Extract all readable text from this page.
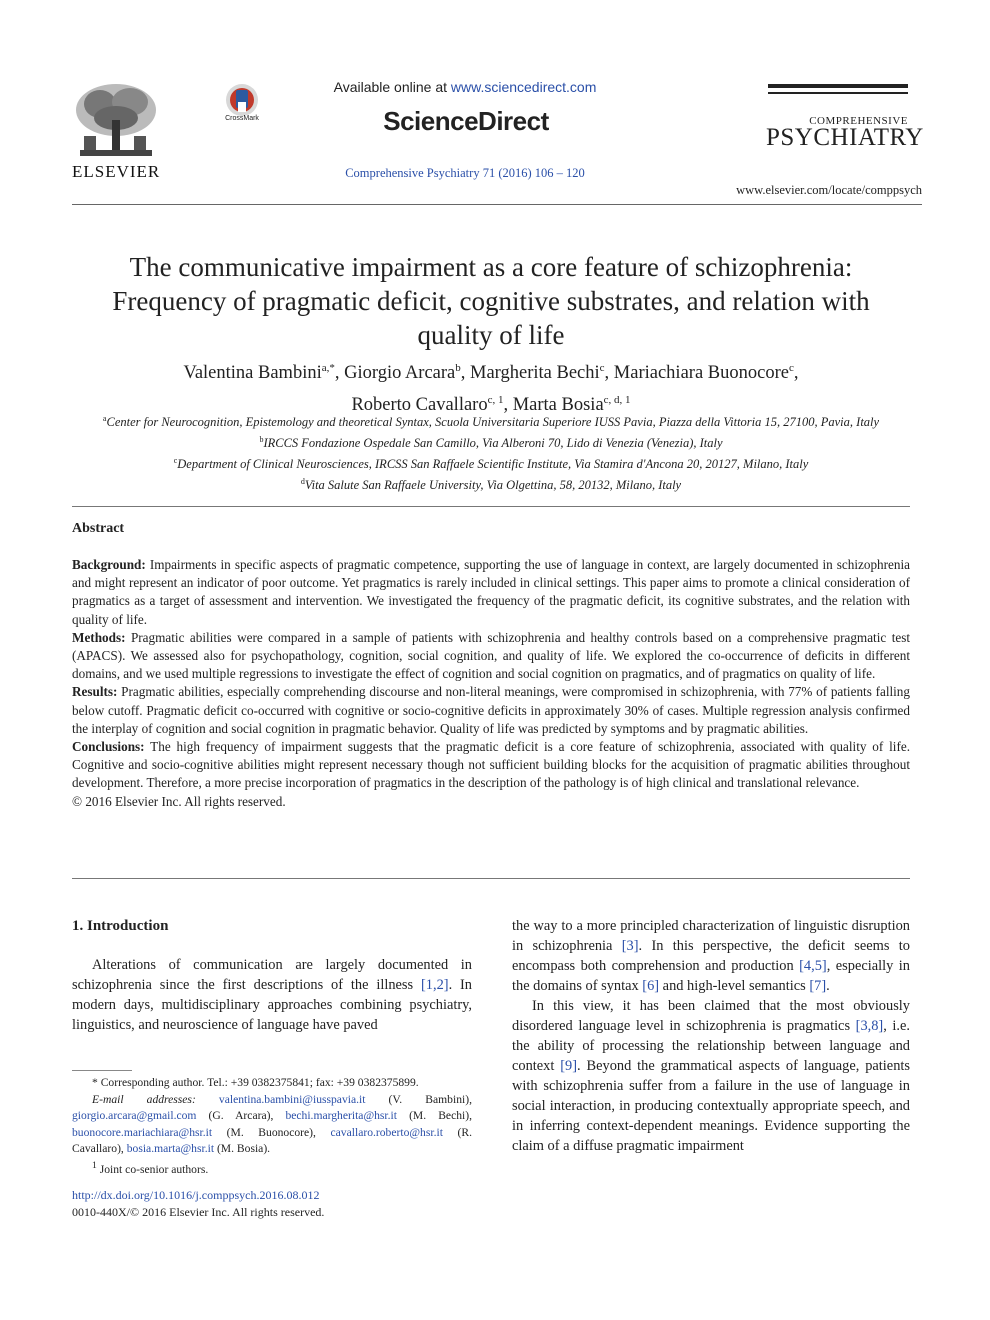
ELSEVIER
CrossMark
Available online at www.sciencedirect.com
ScienceDirect
Comprehensive Psychiatry 71 (2016) 106 – 120
COMPREHENSIVE
PSYCHIATRY
www.elsevier.com/locate/comppsych
The communicative impairment as a core feature of schizophrenia: Frequency of pragmatic deficit, cognitive substrates, and relation with quality of life
Valentina Bambini$^{a,*}$, Giorgio Arcara$^b$, Margherita Bechi$^c$, Mariachiara Buonocore$^c$,
Roberto Cavallaro$^{c, 1}$, Marta Bosia$^{c, d, 1}$
$^a$Center for Neurocognition, Epistemology and theoretical Syntax, Scuola Universitaria Superiore IUSS Pavia, Piazza della Vittoria 15, 27100, Pavia, Italy
$^b$IRCCS Fondazione Ospedale San Camillo, Via Alberoni 70, Lido di Venezia (Venezia), Italy
$^c$Department of Clinical Neurosciences, IRCSS San Raffaele Scientific Institute, Via Stamira d'Ancona 20, 20127, Milano, Italy
$^d$Vita Salute San Raffaele University, Via Olgettina, 58, 20132, Milano, Italy
Abstract

Background: Impairments in specific aspects of pragmatic competence, supporting the use of language in context, are largely documented in schizophrenia and might represent an indicator of poor outcome. Yet pragmatics is rarely included in clinical settings. This paper aims to promote a clinical consideration of pragmatics as a target of assessment and intervention. We investigated the frequency of the pragmatic deficit, its cognitive substrates, and the relation with quality of life.

Methods: Pragmatic abilities were compared in a sample of patients with schizophrenia and healthy controls based on a comprehensive pragmatic test (APACS). We assessed also for psychopathology, cognition, social cognition, and quality of life. We explored the co-occurrence of deficits in different domains, and we used multiple regressions to investigate the effect of cognition and social cognition on pragmatics, and of pragmatics on quality of life.

Results: Pragmatic abilities, especially comprehending discourse and non-literal meanings, were compromised in schizophrenia, with 77% of patients falling below cutoff. Pragmatic deficit co-occurred with cognitive or socio-cognitive deficits in approximately 30% of cases. Multiple regression analysis confirmed the interplay of cognition and social cognition in pragmatic behavior. Quality of life was predicted by symptoms and by pragmatic abilities.

Conclusions: The high frequency of impairment suggests that the pragmatic deficit is a core feature of schizophrenia, associated with quality of life. Cognitive and socio-cognitive abilities might represent necessary though not sufficient building blocks for the acquisition of pragmatic abilities throughout development. Therefore, a more precise incorporation of pragmatics in the description of the pathology is of high clinical and translational relevance.

© 2016 Elsevier Inc. All rights reserved.

1. Introduction

Alterations of communication are largely documented in schizophrenia since the first descriptions of the illness [1,2]. In modern days, multidisciplinary approaches combining psychiatry, linguistics, and neuroscience of language have paved

* Corresponding author. Tel.: +39 0382375841; fax: +39 0382375899.

E-mail addresses: valentina.bambini@iusspavia.it (V. Bambini), giorgio.arcara@gmail.com (G. Arcara), bechi.margherita@hsr.it (M. Bechi), buonocore.mariachiara@hsr.it (M. Buonocore), cavallaro.roberto@hsr.it (R. Cavallaro), bosia.marta@hsr.it (M. Bosia).

$^1$ Joint co-senior authors.

http://dx.doi.org/10.1016/j.comppsych.2016.08.012
0010-440X/© 2016 Elsevier Inc. All rights reserved.

the way to a more principled characterization of linguistic disruption in schizophrenia [3]. In this perspective, the deficit seems to encompass both comprehension and production [4,5], especially in the domains of syntax [6] and high-level semantics [7].

In this view, it has been claimed that the most obviously disordered language level in schizophrenia is pragmatics [3,8], i.e. the ability of processing the relationship between language and context [9]. Beyond the grammatical aspects of language, patients with schizophrenia suffer from a failure in the use of language in social interaction, in producing contextually appropriate speech, and in inferring context-dependent meanings. Evidence supporting the claim of a diffuse pragmatic impairment
